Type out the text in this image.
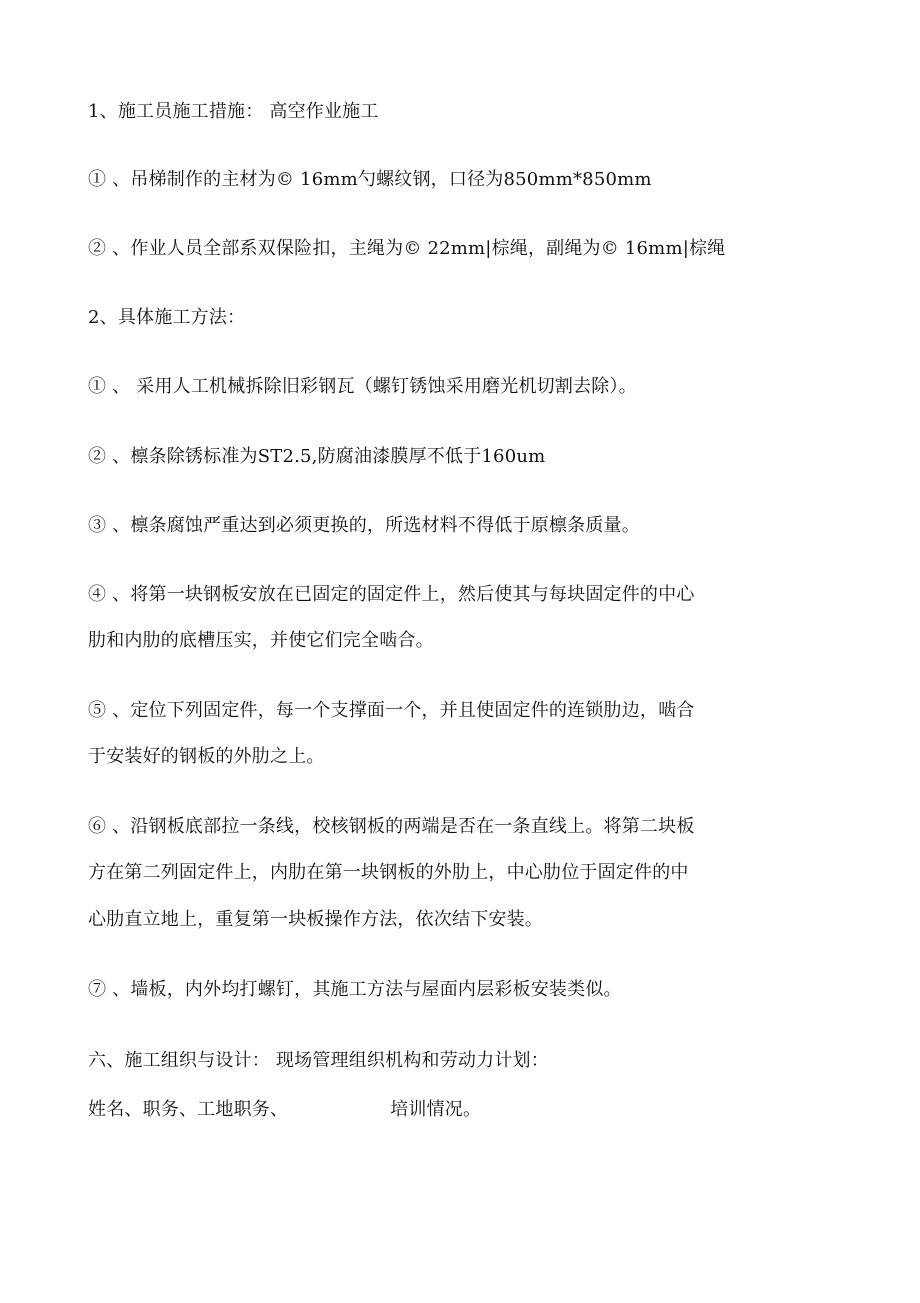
1、施工员施工措施： 高空作业施工
① 、吊梯制作的主材为© 16mm勺螺纹钢，口径为850mm*850mm
② 、作业人员全部系双保险扣，主绳为© 22mm|棕绳，副绳为© 16mm|棕绳
2、具体施工方法：
① 、 采用人工机械拆除旧彩钢瓦（螺钉锈蚀采用磨光机切割去除）。
② 、檩条除锈标准为ST2.5,防腐油漆膜厚不低于160um
③ 、檩条腐蚀严重达到必须更换的，所选材料不得低于原檩条质量。
④ 、将第一块钢板安放在已固定的固定件上，然后使其与每块固定件的中心
肋和内肋的底槽压实，并使它们完全啮合。
⑤ 、定位下列固定件，每一个支撑面一个，并且使固定件的连锁肋边，啮合
于安装好的钢板的外肋之上。
⑥ 、沿钢板底部拉一条线，校核钢板的两端是否在一条直线上。将第二块板
方在第二列固定件上，内肋在第一块钢板的外肋上，中心肋位于固定件的中
心肋直立地上，重复第一块板操作方法，依次结下安装。
⑦ 、墙板，内外均打螺钉，其施工方法与屋面内层彩板安装类似。
六、施工组织与设计： 现场管理组织机构和劳动力计划：
姓名、职务、工地职务、	培训情况。
